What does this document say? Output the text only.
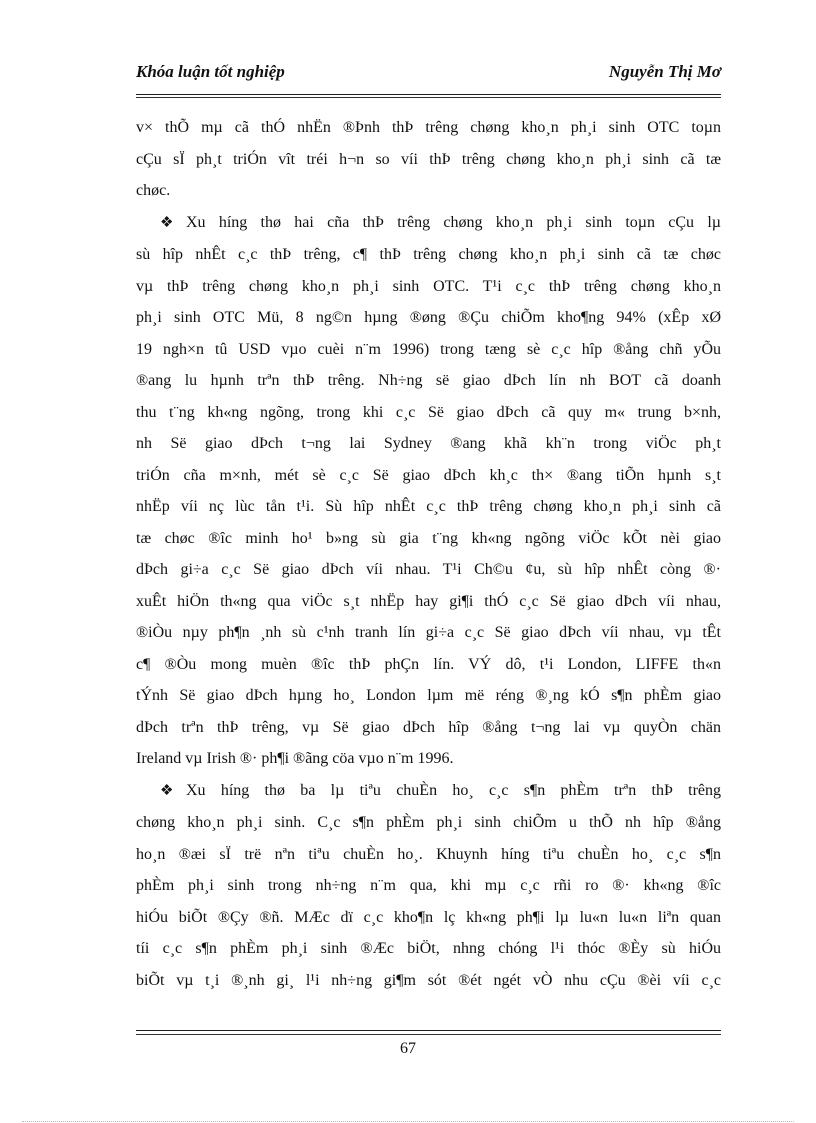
Khóa luận tốt nghiệp	Nguyễn Thị Mơ
v× thÕ mµ cã thÓ nhËn ®Þnh thÞ trêng chøng kho¸n ph¸i sinh OTC toµn
cÇu sÏ ph¸t triÓn vît tréi h¬n so víi thÞ trêng chøng kho¸n ph¸i sinh cã tæ
chøc.
❖ Xu híng thø hai cña thÞ trêng chøng kho¸n ph¸i sinh toµn cÇu lµ
sù hîp nhÊt c¸c thÞ trêng, c¶ thÞ trêng chøng kho¸n ph¸i sinh cã tæ chøc
vµ thÞ trêng chøng kho¸n ph¸i sinh OTC. T¹i c¸c thÞ trêng chøng kho¸n
ph¸i sinh OTC Mü, 8 ng©n hµng ®øng ®Çu chiÕm kho¶ng 94% (xÊp xØ
19 ngh×n tû USD vµo cuèi n¨m 1996) trong tæng sè c¸c hîp ®ång chñ yÕu
®ang lu hµnh trªn thÞ trêng. Nh÷ng së giao dÞch lín nh BOT cã doanh
thu t¨ng kh«ng ngõng, trong khi c¸c Së giao dÞch cã quy m« trung b×nh,
nh Së giao dÞch t¬ng lai Sydney ®ang khã kh¨n trong viÖc ph¸t
triÓn cña m×nh, mét sè c¸c Së giao dÞch kh¸c th× ®ang tiÕn hµnh s¸t
nhËp víi nç lùc tån t¹i. Sù hîp nhÊt c¸c thÞ trêng chøng kho¸n ph¸i sinh cã
tæ chøc ®îc minh ho¹ b»ng sù gia t¨ng kh«ng ngõng viÖc kÕt nèi giao
dÞch gi÷a c¸c Së giao dÞch víi nhau. T¹i Ch©u ¢u, sù hîp nhÊt còng ®·
xuÊt hiÖn th«ng qua viÖc s¸t nhËp hay gi¶i thÓ c¸c Së giao dÞch víi nhau,
®iÒu nµy ph¶n ¸nh sù c¹nh tranh lín gi÷a c¸c Së giao dÞch víi nhau, vµ tÊt
c¶ ®Òu mong muèn ®îc thÞ phÇn lín. VÝ dô, t¹i London, LIFFE th«n
tÝnh Së giao dÞch hµng ho¸ London lµm më réng ®¸ng kÓ s¶n phÈm giao
dÞch trªn thÞ trêng, vµ Së giao dÞch hîp ®ång t¬ng lai vµ quyÒn chän
Ireland vµ Irish ®· ph¶i ®ãng cöa vµo n¨m 1996.
❖ Xu híng thø ba lµ tiªu chuÈn ho¸ c¸c s¶n phÈm trªn thÞ trêng
chøng kho¸n ph¸i sinh. C¸c s¶n phÈm ph¸i sinh chiÕm u thÕ nh hîp ®ång
ho¸n ®æi sÏ trë nªn tiªu chuÈn ho¸. Khuynh híng tiªu chuÈn ho¸ c¸c s¶n
phÈm ph¸i sinh trong nh÷ng n¨m qua, khi mµ c¸c rñi ro ®· kh«ng ®îc
hiÓu biÕt ®Çy ®ñ. MÆc dï c¸c kho¶n lç kh«ng ph¶i lµ lu«n lu«n liªn quan
tíi c¸c s¶n phÈm ph¸i sinh ®Æc biÖt, nhng chóng l¹i thóc ®Èy sù hiÓu
biÕt vµ t¸i ®¸nh gi¸ l¹i nh÷ng gi¶m sót ®ét ngét vÒ nhu cÇu ®èi víi c¸c
67
